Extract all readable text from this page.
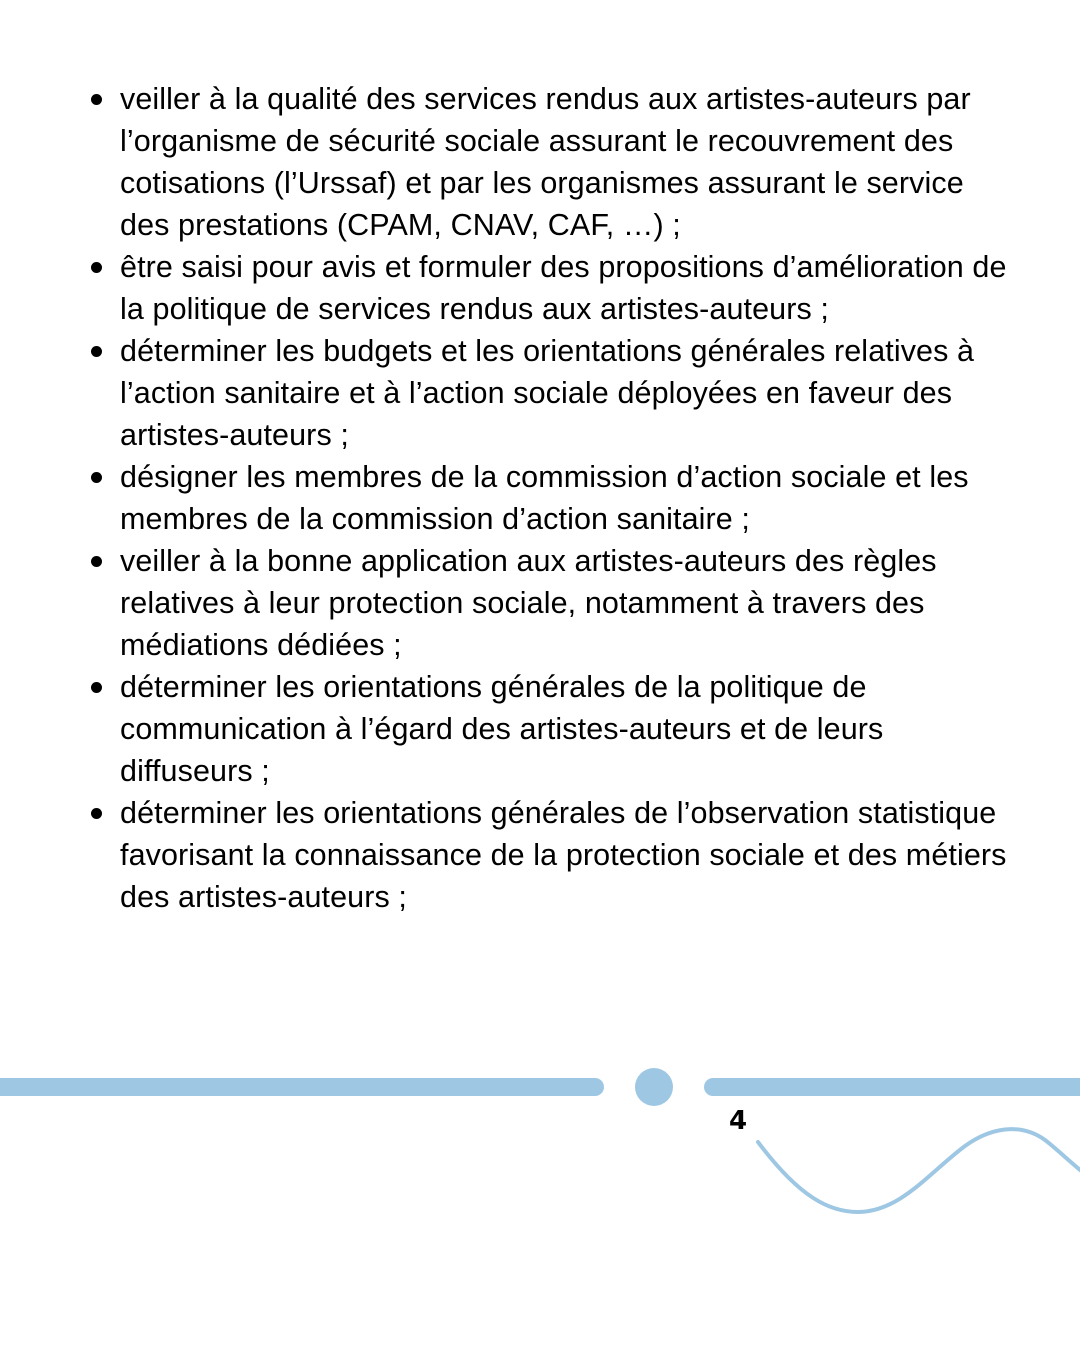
veiller à la qualité des services rendus aux artistes-auteurs par l’organisme de sécurité sociale assurant le recouvrement des cotisations (l’Urssaf) et par les organismes assurant le service des prestations (CPAM, CNAV, CAF, …) ;
être saisi pour avis et formuler des propositions d’amélioration de la politique de services rendus aux artistes-auteurs ;
déterminer les budgets et les orientations générales relatives à l’action sanitaire et à l’action sociale déployées en faveur des artistes-auteurs ;
désigner les membres de la commission d’action sociale et les membres de la commission d’action sanitaire ;
veiller à la bonne application aux artistes-auteurs des règles relatives à leur protection sociale, notamment à travers des médiations dédiées ;
déterminer les orientations générales de la politique de communication à l’égard des artistes-auteurs et de leurs diffuseurs ;
déterminer les orientations générales de l’observation statistique favorisant la connaissance de la protection sociale et des métiers des artistes-auteurs ;
4
